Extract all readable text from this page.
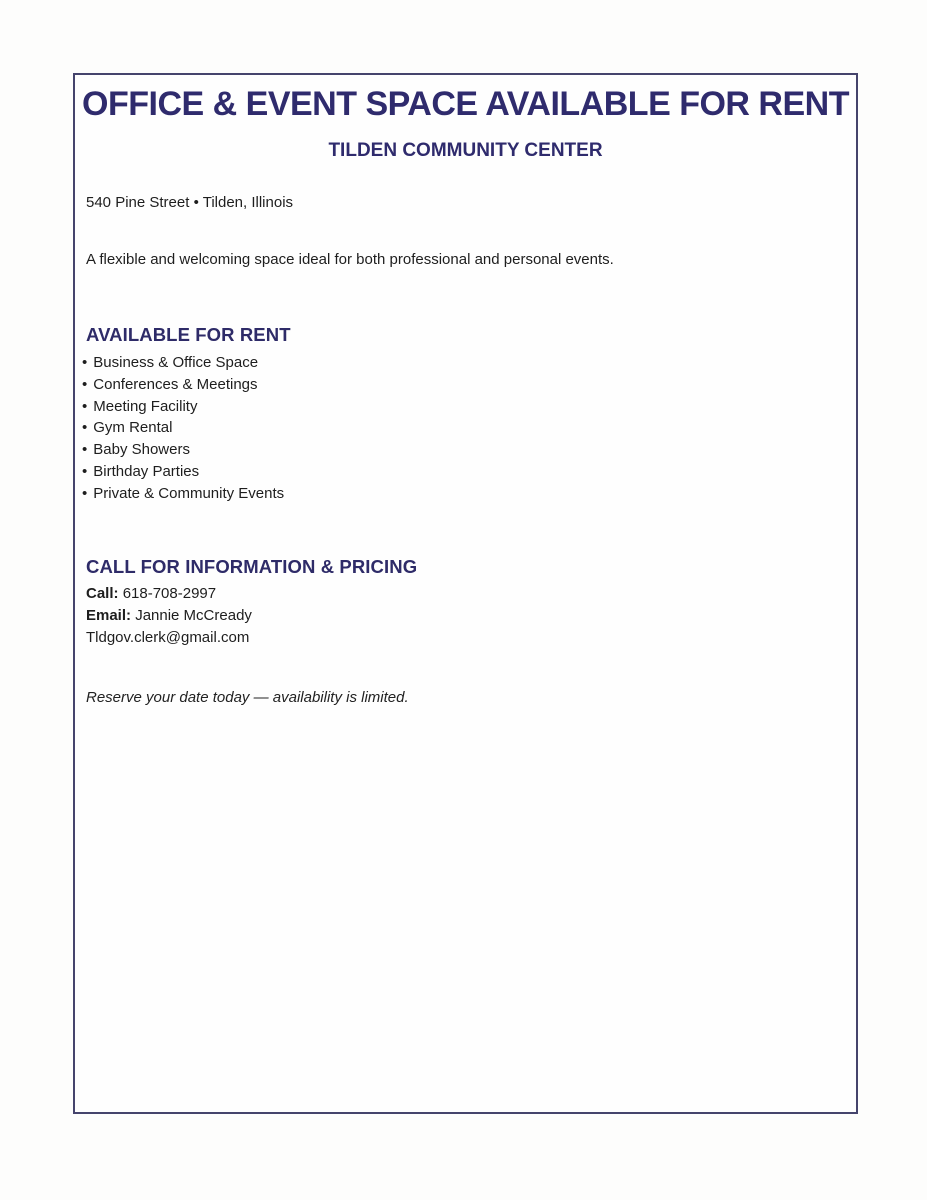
OFFICE & EVENT SPACE AVAILABLE FOR RENT
TILDEN COMMUNITY CENTER
540 Pine Street • Tilden, Illinois
A flexible and welcoming space ideal for both professional and personal events.
AVAILABLE FOR RENT
• Business & Office Space
• Conferences & Meetings
• Meeting Facility
• Gym Rental
• Baby Showers
• Birthday Parties
• Private & Community Events
CALL FOR INFORMATION & PRICING
Call: 618-708-2997
Email: Jannie McCready
Tldgov.clerk@gmail.com
Reserve your date today — availability is limited.
